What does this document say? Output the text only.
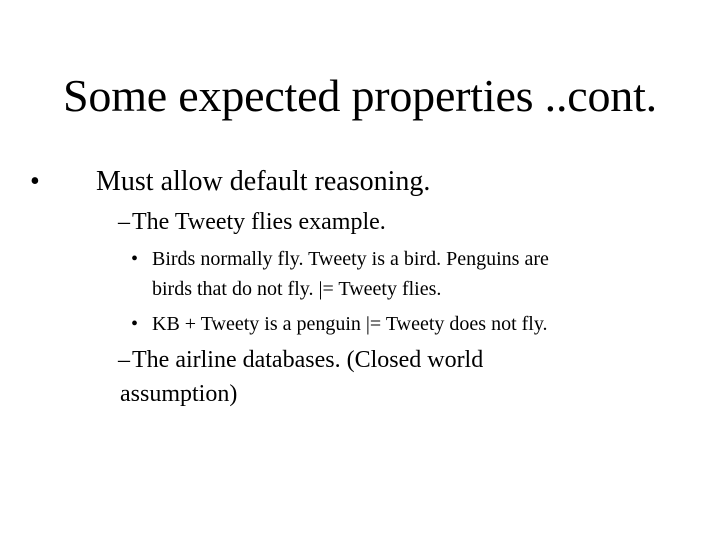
Some expected properties ..cont.
• Must allow default reasoning.
– The Tweety flies example.
• Birds normally fly. Tweety is a bird. Penguins are
birds that do not fly. |= Tweety flies.
• KB + Tweety is a penguin |= Tweety does not fly.
– The airline databases. (Closed world
assumption)
